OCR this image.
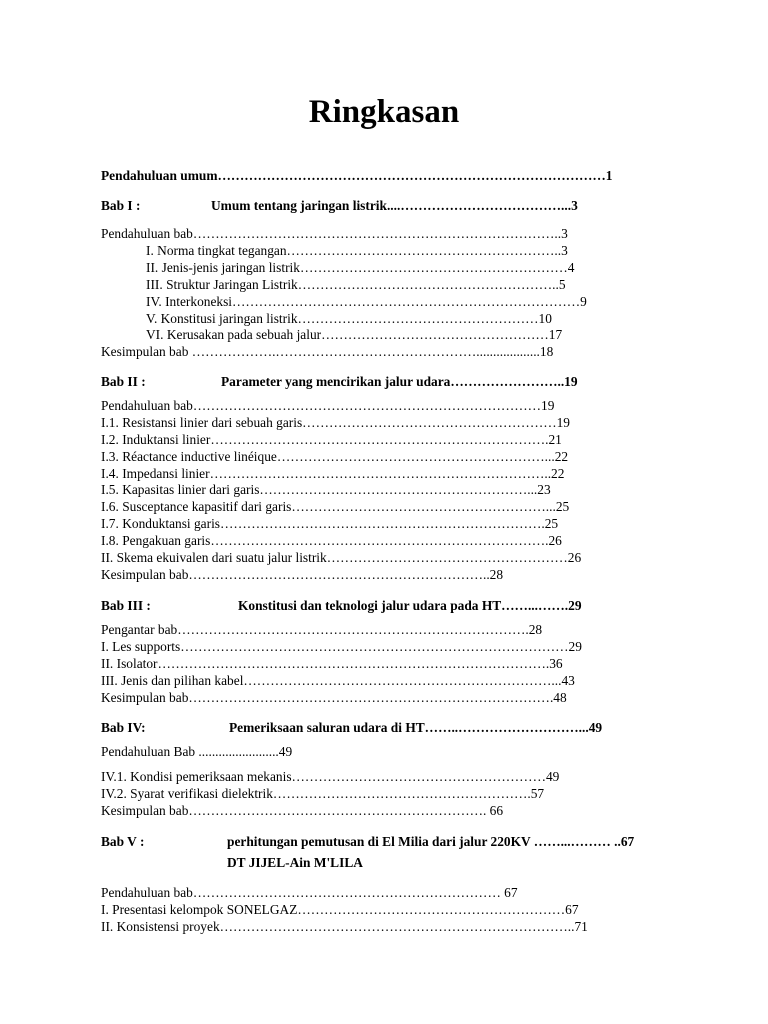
Ringkasan
Pendahuluan umum……………………………………………………………………………1
Bab I :	Umum tentang jaringan listrik....………………………………...3
Pendahuluan bab………………………………………………………………………..3
I. Norma tingkat tegangan……………………………………………………..3
II. Jenis-jenis jaringan listrik……………………………………………………4
III. Struktur Jaringan Listrik…………………………………………………..5
IV. Interkoneksi……………………………………………………………………9
V. Konstitusi jaringan listrik………………………………………………10
VI. Kerusakan pada sebuah jalur……………………………………………17
Kesimpulan bab ……………….………………………………………...................18
Bab II :	Parameter yang mencirikan jalur udara……………………..19
Pendahuluan bab……………………………………………………………………19
I.1. Resistansi linier dari sebuah garis…………………………………………………19
I.2. Induktansi linier………………………………………………………………….21
I.3. Réactance inductive linéique……………………………………………………...22
I.4. Impedansi linier…………………………………………………………………..22
I.5. Kapasitas linier dari garis……………………………………………………...23
I.6. Susceptance kapasitif dari garis…………………………………………………...25
I.7. Konduktansi garis……………………………………………………………….25
I.8. Pengakuan garis………………………………………………………………….26
II. Skema ekuivalen dari suatu jalur listrik………………………………………………26
Kesimpulan bab…………………………………………………………..28
Bab III :	Konstitusi dan teknologi jalur udara pada HT……...…….29
Pengantar bab…………………………………………………………………….28
I. Les supports……………………………………………………………………………29
II. Isolator…………………………………………………………………………….36
III. Jenis dan pilihan kabel……………………………………………………………...43
Kesimpulan bab……………………………………………………………………….48
Bab IV:	Pemeriksaan saluran udara di HT……..………………………...49
Pendahuluan Bab ........................49
IV.1. Kondisi pemeriksaan mekanis…………………………………………………49
IV.2. Syarat verifikasi dielektrik………………………………………………….57
Kesimpulan bab…………………………………………………………. 66
Bab V :	perhitungan pemutusan di El Milia dari jalur 220KV ……...……… ..67
DT JIJEL-Ain M'LILA
Pendahuluan bab…………………………………………………………… 67
I. Presentasi kelompok SONELGAZ……………………………………………………67
II. Konsistensi proyek……………………………………………………………………..71
